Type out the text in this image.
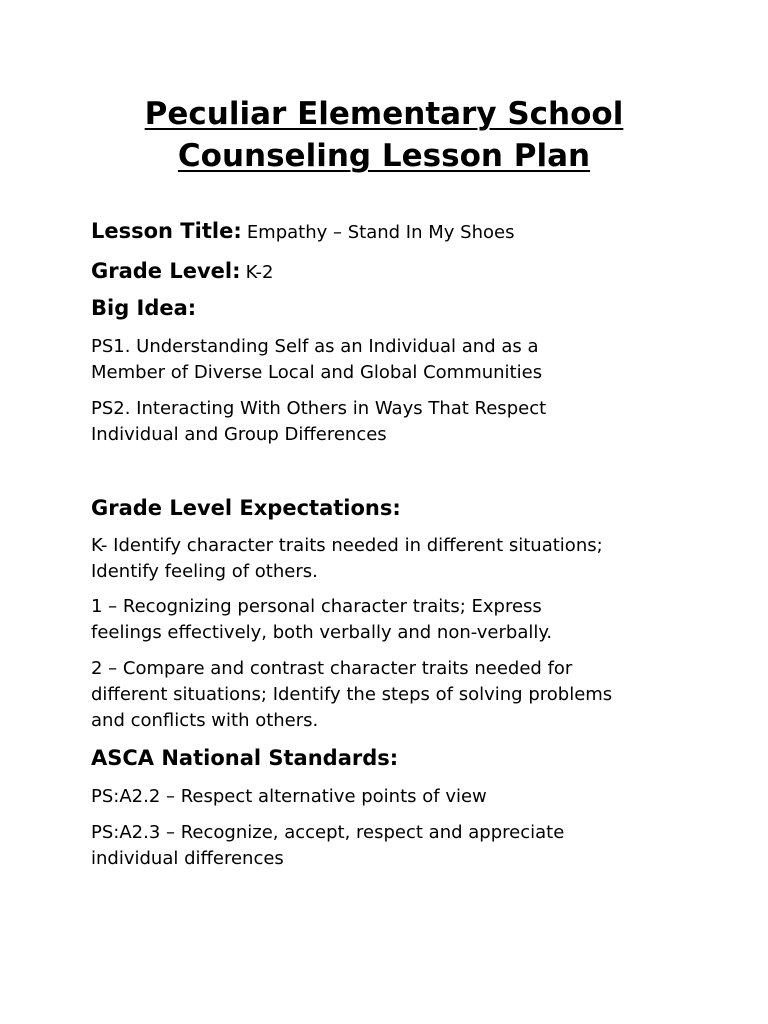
Peculiar Elementary School
Counseling Lesson Plan
Lesson Title: Empathy – Stand In My Shoes
Grade Level: K-2
Big Idea:
PS1. Understanding Self as an Individual and as a
Member of Diverse Local and Global Communities
PS2. Interacting With Others in Ways That Respect
Individual and Group Differences
Grade Level Expectations:
K- Identify character traits needed in different situations;
Identify feeling of others.
1 – Recognizing personal character traits; Express
feelings effectively, both verbally and non-verbally.
2 – Compare and contrast character traits needed for
different situations; Identify the steps of solving problems
and conflicts with others.
ASCA National Standards:
PS:A2.2 – Respect alternative points of view
PS:A2.3 – Recognize, accept, respect and appreciate
individual differences
